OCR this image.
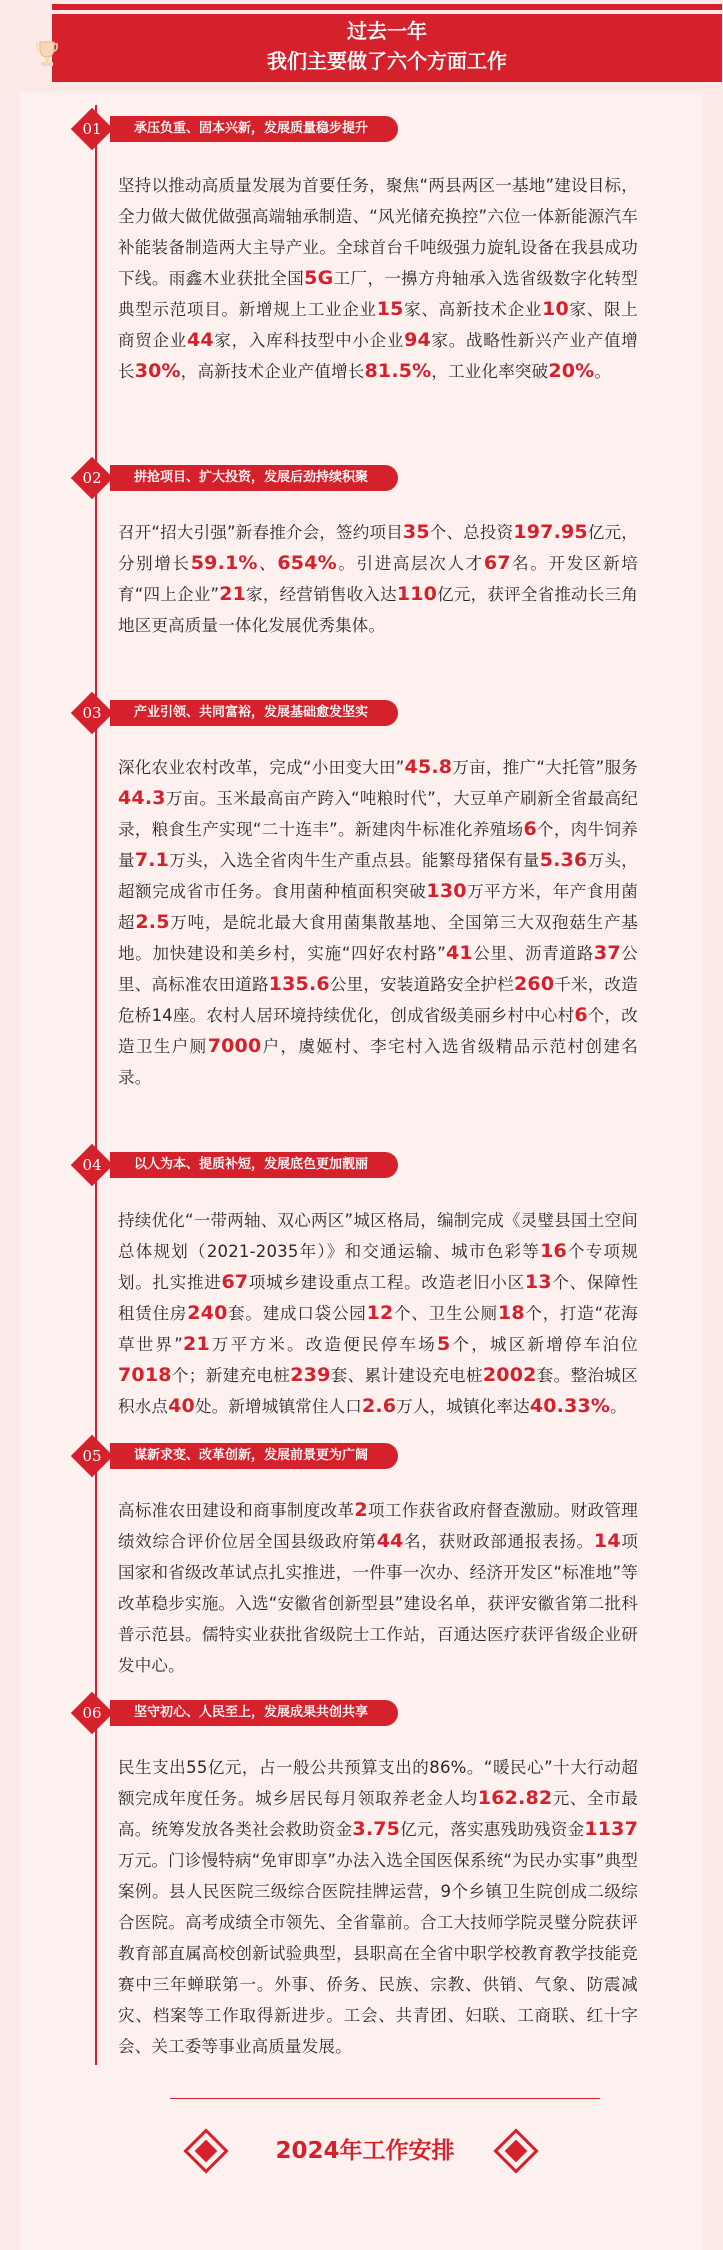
过去一年
我们主要做了六个方面工作
01	承压负重、固本兴新，发展质量稳步提升

坚持以推动高质量发展为首要任务，聚焦“两县两区一基地”建设目标，全力做大做优做强高端轴承制造、“风光储充换控”六位一体新能源汽车补能装备制造两大主导产业。全球首台千吨级强力旋轧设备在我县成功下线。雨鑫木业获批全国5G工厂，一擤方舟轴承入选省级数字化转型典型示范项目。新增规上工业企业15家、高新技术企业10家、限上商贸企业44家，入库科技型中小企业94家。战略性新兴产业产值增长30%，高新技术企业产值增长81.5%，工业化率突破20%。

02	拼抢项目、扩大投资，发展后劲持续积聚

召开“招大引强”新春推介会，签约项目35个、总投资197.95亿元，分别增长59.1%、654%。引进高层次人才67名。开发区新培育“四上企业”21家，经营销售收入达110亿元，获评全省推动长三角地区更高质量一体化发展优秀集体。

03	产业引领、共同富裕，发展基础愈发坚实

深化农业农村改革，完成“小田变大田”45.8万亩，推广“大托管”服务44.3万亩。玉米最高亩产跨入“吨粮时代”，大豆单产刷新全省最高纪录，粮食生产实现“二十连丰”。新建肉牛标准化养殖场6个，肉牛饲养量7.1万头，入选全省肉牛生产重点县。能繁母猪保有量5.36万头，超额完成省市任务。食用菌种植面积突破130万平方米，年产食用菌超2.5万吨，是皖北最大食用菌集散基地、全国第三大双孢菇生产基地。加快建设和美乡村，实施“四好农村路”41公里、沥青道路37公里、高标准农田道路135.6公里，安装道路安全护栏260千米，改造危桥14座。农村人居环境持续优化，创成省级美丽乡村中心村6个，改造卫生户厕7000户，虞姬村、李宅村入选省级精品示范村创建名录。

04	以人为本、提质补短，发展底色更加靓丽

持续优化“一带两轴、双心两区”城区格局，编制完成《灵璧县国土空间总体规划（2021-2035年）》和交通运输、城市色彩等16个专项规划。扎实推进67项城乡建设重点工程。改造老旧小区13个、保障性租赁住房240套。建成口袋公园12个、卫生公厕18个，打造“花海草世界”21万平方米。改造便民停车场5个，城区新增停车泊位7018个；新建充电桩239套、累计建设充电桩2002套。整治城区积水点40处。新增城镇常住人口2.6万人，城镇化率达40.33%。

05	谋新求变、改革创新，发展前景更为广阔

高标准农田建设和商事制度改革2项工作获省政府督查激励。财政管理绩效综合评价位居全国县级政府第44名，获财政部通报表扬。14项国家和省级改革试点扎实推进，一件事一次办、经济开发区“标准地”等改革稳步实施。入选“安徽省创新型县”建设名单，获评安徽省第二批科普示范县。儒特实业获批省级院士工作站，百通达医疗获评省级企业研发中心。

06	坚守初心、人民至上，发展成果共创共享

民生支出55亿元，占一般公共预算支出的86%。“暖民心”十大行动超额完成年度任务。城乡居民每月领取养老金人均162.82元、全市最高。统筹发放各类社会救助资金3.75亿元，落实惠残助残资金1137万元。门诊慢特病“免审即享”办法入选全国医保系统“为民办实事”典型案例。县人民医院三级综合医院挂牌运营，9个乡镇卫生院创成二级综合医院。高考成绩全市领先、全省靠前。合工大技师学院灵璧分院获评教育部直属高校创新试验典型，县职高在全省中职学校教育教学技能竞赛中三年蝉联第一。外事、侨务、民族、宗教、供销、气象、防震减灾、档案等工作取得新进步。工会、共青团、妇联、工商联、红十字会、关工委等事业高质量发展。

2024年工作安排
